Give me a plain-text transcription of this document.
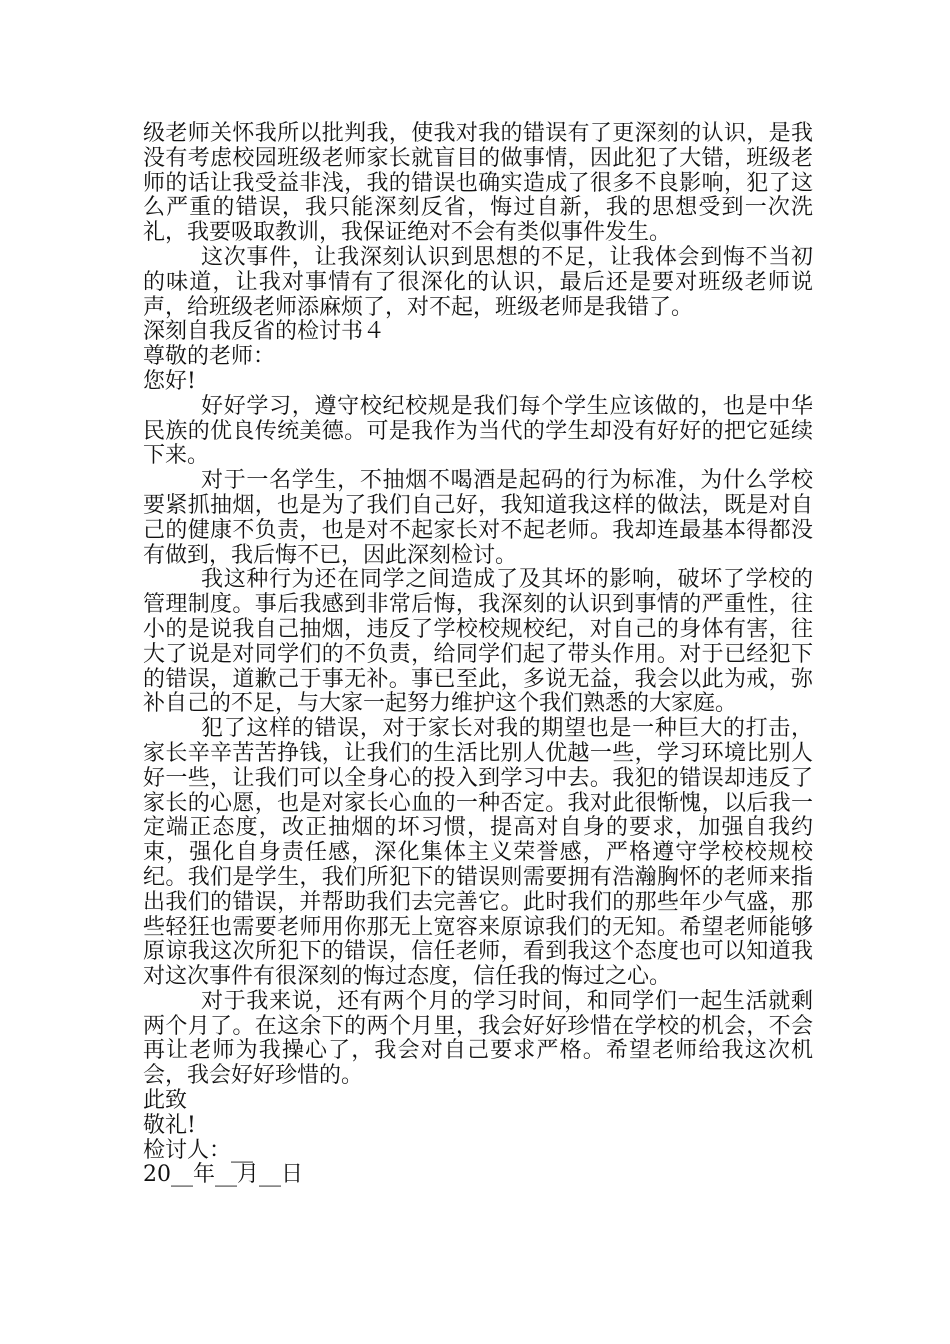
级老师关怀我所以批判我，使我对我的错误有了更深刻的认识，是我没有考虑校园班级老师家长就盲目的做事情，因此犯了大错，班级老师的话让我受益非浅，我的错误也确实造成了很多不良影响，犯了这么严重的错误，我只能深刻反省，悔过自新，我的思想受到一次洗礼，我要吸取教训，我保证绝对不会有类似事件发生。

这次事件，让我深刻认识到思想的不足，让我体会到悔不当初的味道，让我对事情有了很深化的认识，最后还是要对班级老师说声，给班级老师添麻烦了，对不起，班级老师是我错了。

深刻自我反省的检讨书４

尊敬的老师：

您好!

好好学习，遵守校纪校规是我们每个学生应该做的，也是中华民族的优良传统美德。可是我作为当代的学生却没有好好的把它延续下来。

对于一名学生，不抽烟不喝酒是起码的行为标准，为什么学校要紧抓抽烟，也是为了我们自己好，我知道我这样的做法，既是对自己的健康不负责，也是对不起家长对不起老师。我却连最基本得都没有做到，我后悔不已，因此深刻检讨。

我这种行为还在同学之间造成了及其坏的影响，破坏了学校的管理制度。事后我感到非常后悔，我深刻的认识到事情的严重性，往小的是说我自己抽烟，违反了学校校规校纪，对自己的身体有害，往大了说是对同学们的不负责，给同学们起了带头作用。对于已经犯下的错误，道歉己于事无补。事已至此，多说无益，我会以此为戒，弥补自己的不足，与大家一起努力维护这个我们熟悉的大家庭。

犯了这样的错误，对于家长对我的期望也是一种巨大的打击，家长辛辛苦苦挣钱，让我们的生活比别人优越一些，学习环境比别人好一些，让我们可以全身心的投入到学习中去。我犯的错误却违反了家长的心愿，也是对家长心血的一种否定。我对此很惭愧，以后我一定端正态度，改正抽烟的坏习惯，提高对自身的要求，加强自我约束，强化自身责任感，深化集体主义荣誉感，严格遵守学校校规校纪。我们是学生，我们所犯下的错误则需要拥有浩瀚胸怀的老师来指出我们的错误，并帮助我们去完善它。此时我们的那些年少气盛，那些轻狂也需要老师用你那无上宽容来原谅我们的无知。希望老师能够原谅我这次所犯下的错误，信任老师，看到我这个态度也可以知道我对这次事件有很深刻的悔过态度，信任我的悔过之心。

对于我来说，还有两个月的学习时间，和同学们一起生活就剩两个月了。在这余下的两个月里，我会好好珍惜在学校的机会，不会再让老师为我操心了，我会对自己要求严格。希望老师给我这次机会，我会好好珍惜的。

此致

敬礼!

检讨人：__

20__年__月__日
